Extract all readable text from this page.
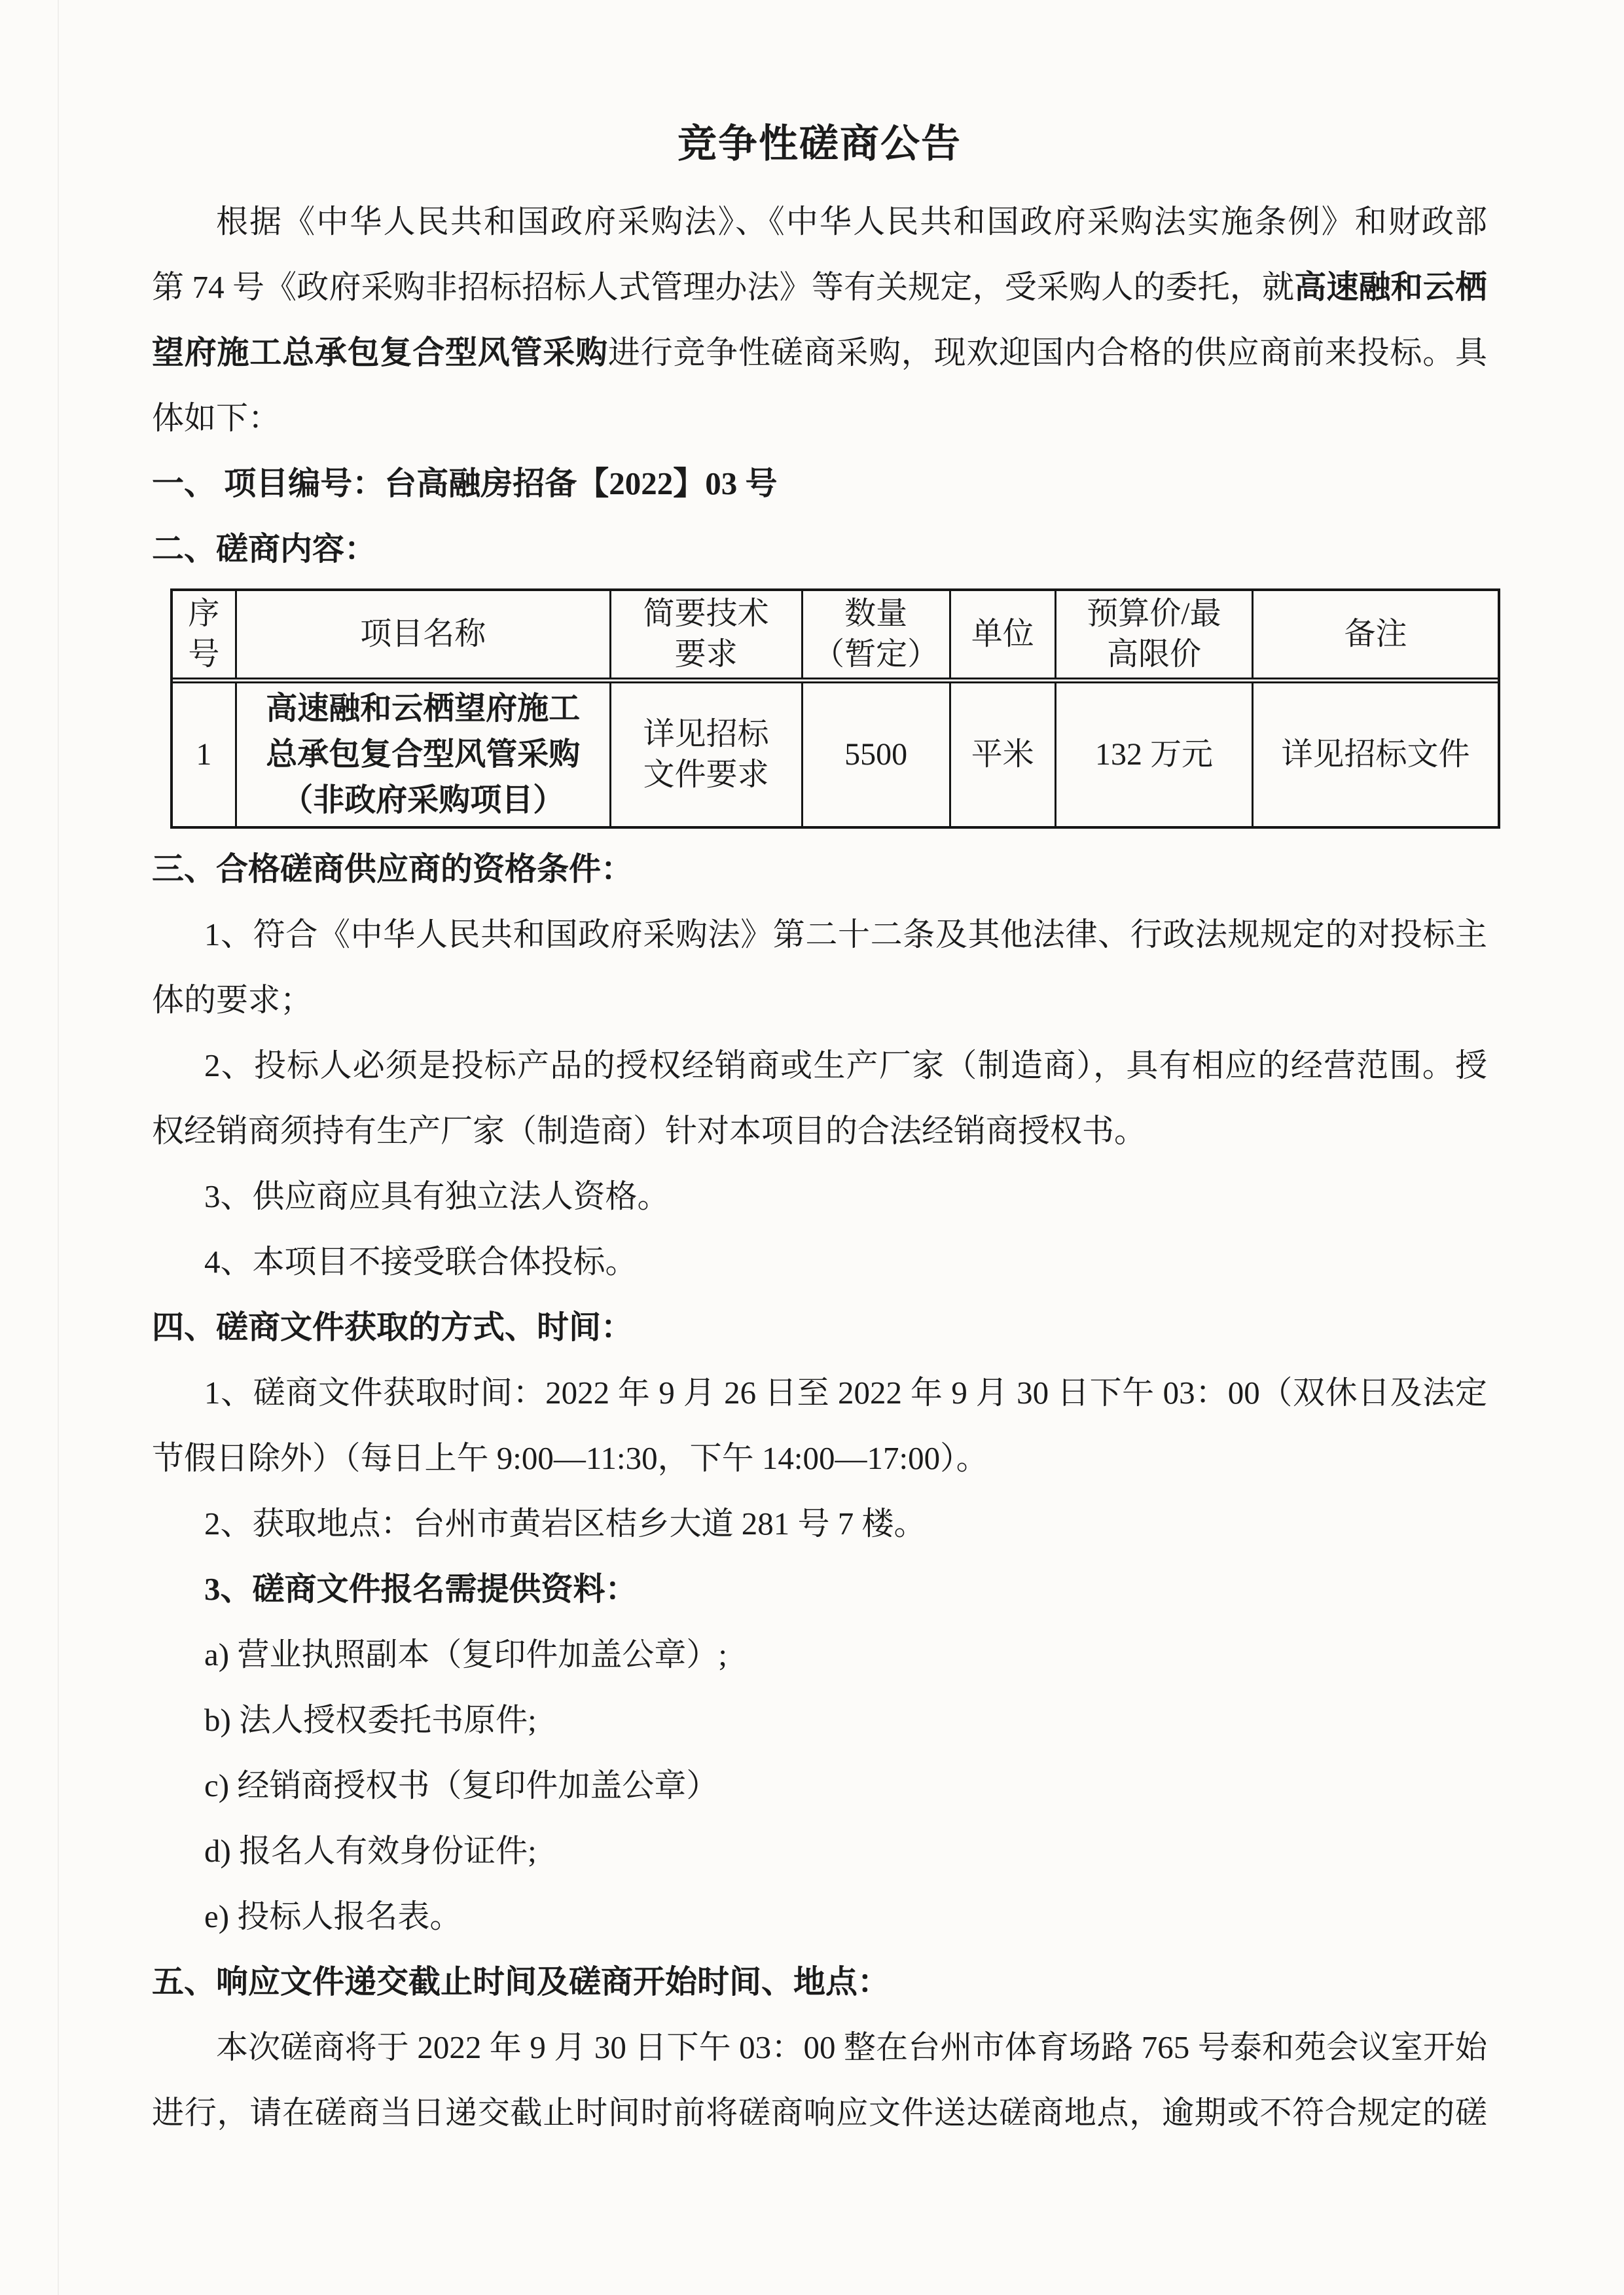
竞争性磋商公告
根据《中华人民共和国政府采购法》、《中华人民共和国政府采购法实施条例》和财政部
第 74 号《政府采购非招标招标人式管理办法》等有关规定，受采购人的委托，就高速融和云栖
望府施工总承包复合型风管采购进行竞争性磋商采购，现欢迎国内合格的供应商前来投标。具
体如下：
一、 项目编号：台高融房招备【2022】03 号
二、磋商内容：
序
号
项目名称
简要技术
要求
数量
（暂定）
单位
预算价/最
高限价
备注
1
高速融和云栖望府施工
总承包复合型风管采购
（非政府采购项目）
详见招标
文件要求
5500 平米 132 万元 详见招标文件
三、合格磋商供应商的资格条件：
1、符合《中华人民共和国政府采购法》第二十二条及其他法律、行政法规规定的对投标主
体的要求；
2、投标人必须是投标产品的授权经销商或生产厂家（制造商），具有相应的经营范围。授
权经销商须持有生产厂家（制造商）针对本项目的合法经销商授权书。
3、供应商应具有独立法人资格。
4、本项目不接受联合体投标。
四、磋商文件获取的方式、时间：
1、磋商文件获取时间：2022 年 9 月 26 日至 2022 年 9 月 30 日下午 03：00（双休日及法定
节假日除外）（每日上午 9:00—11:30，下午 14:00—17:00）。
2、获取地点：台州市黄岩区桔乡大道 281 号 7 楼。
3、磋商文件报名需提供资料：
a) 营业执照副本（复印件加盖公章）;
b) 法人授权委托书原件;
c) 经销商授权书（复印件加盖公章）
d) 报名人有效身份证件;
e) 投标人报名表。
五、响应文件递交截止时间及磋商开始时间、地点：
本次磋商将于 2022 年 9 月 30 日下午 03：00 整在台州市体育场路 765 号泰和苑会议室开始
进行，请在磋商当日递交截止时间时前将磋商响应文件送达磋商地点，逾期或不符合规定的磋
